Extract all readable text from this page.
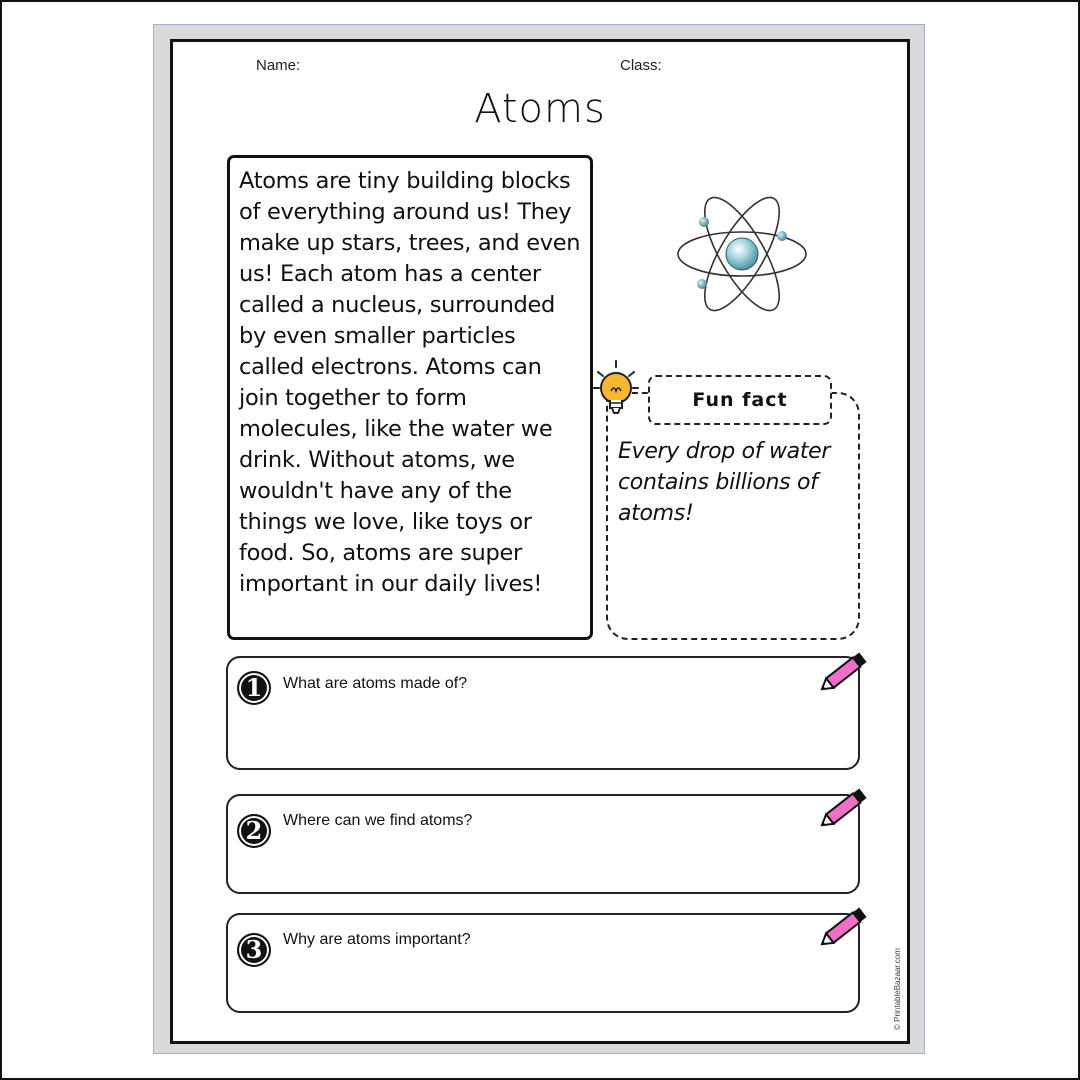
Name:	Class:
Atoms
Atoms are tiny building blocks of everything around us! They make up stars, trees, and even us! Each atom has a center called a nucleus, surrounded by even smaller particles called electrons. Atoms can join together to form molecules, like the water we drink. Without atoms, we wouldn't have any of the things we love, like toys or food. So, atoms are super important in our daily lives!
Fun fact
Every drop of water contains billions of atoms!
1	What are atoms made of?
2	Where can we find atoms?
3	Why are atoms important?
© PrintableBazaar.com
